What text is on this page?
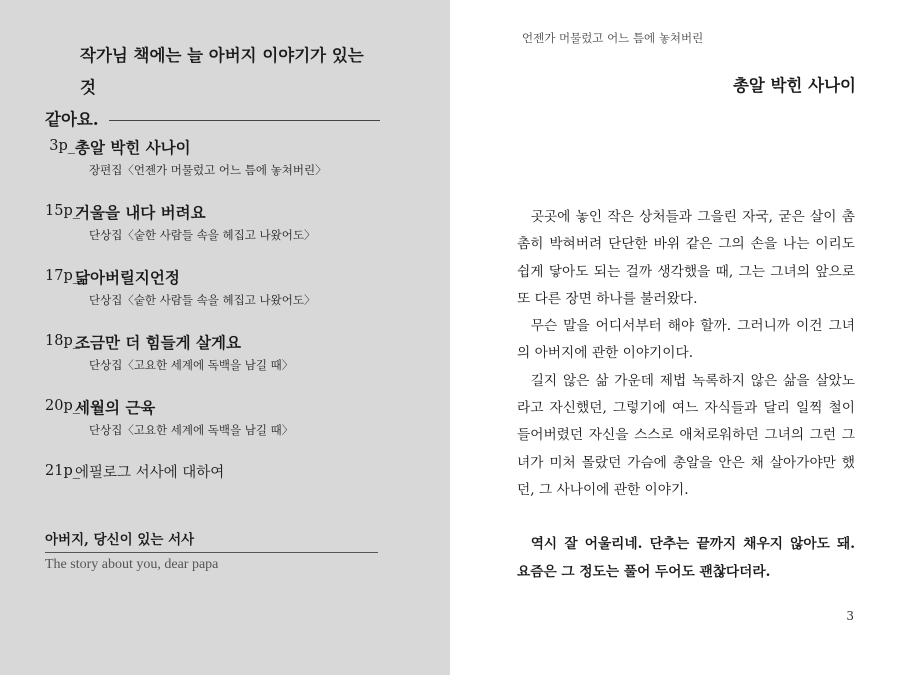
작가님 책에는 늘 아버지 이야기가 있는 것
같아요.
3p_ 총알 박힌 사나이
장편집〈언젠가 머물렀고 어느 틈에 놓쳐버린〉
15p_
거울을 내다 버려요
단상집〈숱한 사람들 속을 헤집고 나왔어도〉
17p_
닮아버릴지언정
단상집〈숱한 사람들 속을 헤집고 나왔어도〉
18p_
조금만 더 힘들게 살게요
단상집〈고요한 세계에 독백을 남길 때〉
20p_
세월의 근육
단상집〈고요한 세계에 독백을 남길 때〉
21p_
에필로그 서사에 대하여
아버지, 당신이 있는 서사
The story about you, dear papa
언젠가 머물렀고 어느 틈에 놓쳐버린
총알 박힌 사나이

곳곳에 놓인 작은 상처들과 그을린 자국, 굳은 살이 촘촘히 박혀버려 단단한 바위 같은 그의 손을 나는 이리도 쉽게 닿아도 되는 걸까 생각했을 때, 그는 그녀의 앞으로 또 다른 장면 하나를 불러왔다.

무슨 말을 어디서부터 해야 할까. 그러니까 이건 그녀의 아버지에 관한 이야기이다.

길지 않은 삶 가운데 제법 녹록하지 않은 삶을 살았노라고 자신했던, 그렇기에 여느 자식들과 달리 일찍 철이 들어버렸던 자신을 스스로 애처로워하던 그녀의 그런 그녀가 미처 몰랐던 가슴에 총알을 안은 채 살아가야만 했던, 그 사나이에 관한 이야기.

역시 잘 어울리네. 단추는 끝까지 채우지 않아도 돼. 요즘은 그 정도는 풀어 두어도 괜찮다더라.

3
